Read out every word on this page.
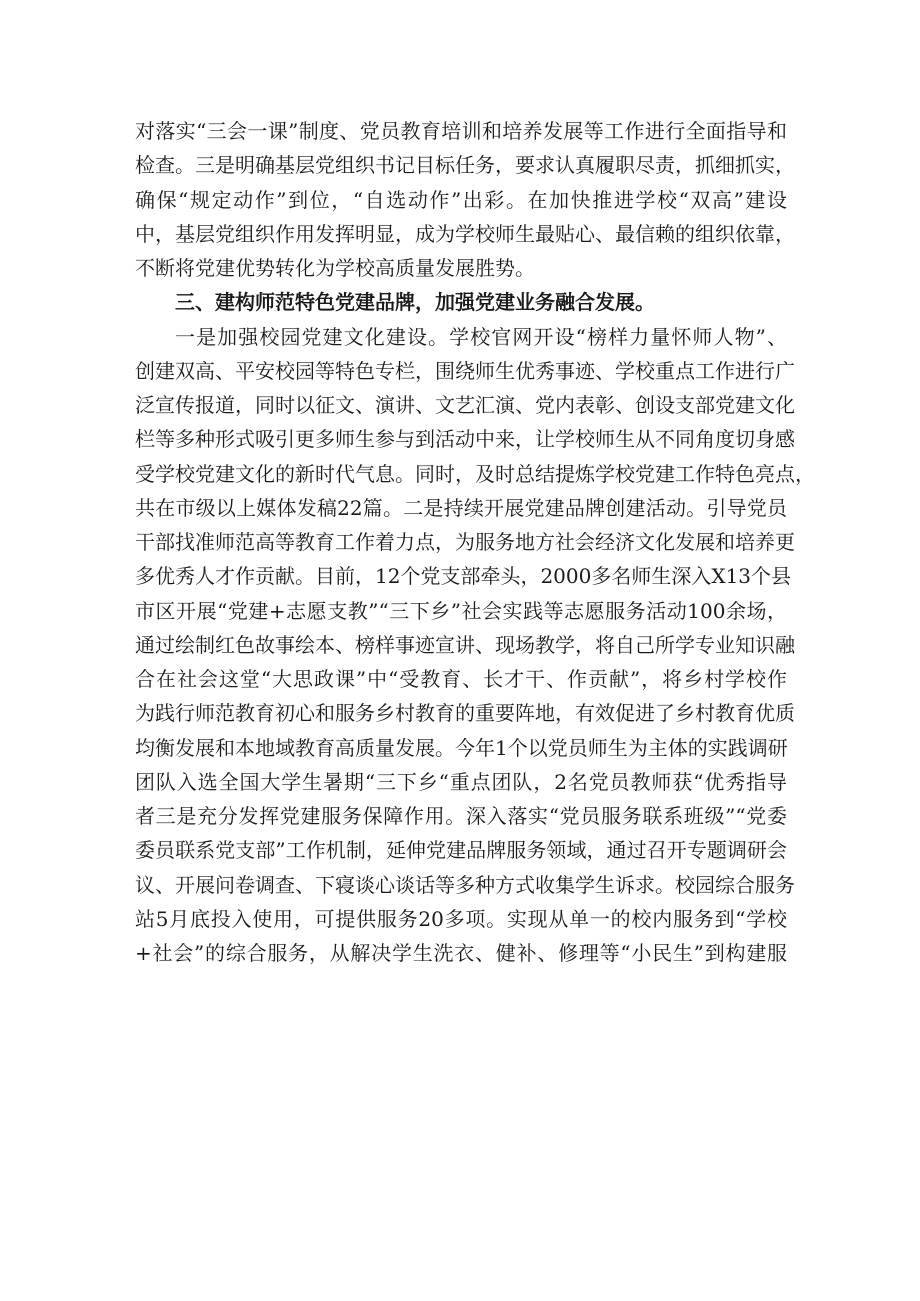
对落实“三会一课”制度、党员教育培训和培养发展等工作进行全面指导和
检查。三是明确基层党组织书记目标任务，要求认真履职尽责，抓细抓实，
确保“规定动作”到位，“自选动作”出彩。在加快推进学校“双高”建设
中，基层党组织作用发挥明显，成为学校师生最贴心、最信赖的组织依靠，
不断将党建优势转化为学校高质量发展胜势。
三、建构师范特色党建品牌，加强党建业务融合发展。
一是加强校园党建文化建设。学校官网开设“榜样力量怀师人物”、
创建双高、平安校园等特色专栏，围绕师生优秀事迹、学校重点工作进行广
泛宣传报道，同时以征文、演讲、文艺汇演、党内表彰、创设支部党建文化
栏等多种形式吸引更多师生参与到活动中来，让学校师生从不同角度切身感
受学校党建文化的新时代气息。同时，及时总结提炼学校党建工作特色亮点，
共在市级以上媒体发稿22篇。二是持续开展党建品牌创建活动。引导党员
干部找准师范高等教育工作着力点，为服务地方社会经济文化发展和培养更
多优秀人才作贡献。目前，12个党支部牵头，2000多名师生深入X13个县
市区开展“党建+志愿支教”“三下乡”社会实践等志愿服务活动100余场，
通过绘制红色故事绘本、榜样事迹宣讲、现场教学，将自己所学专业知识融
合在社会这堂“大思政课”中“受教育、长才干、作贡献”，将乡村学校作
为践行师范教育初心和服务乡村教育的重要阵地，有效促进了乡村教育优质
均衡发展和本地域教育高质量发展。今年1个以党员师生为主体的实践调研
团队入选全国大学生暑期“三下乡“重点团队，2名党员教师获“优秀指导
者三是充分发挥党建服务保障作用。深入落实“党员服务联系班级”“党委
委员联系党支部”工作机制，延伸党建品牌服务领域，通过召开专题调研会
议、开展问卷调查、下寝谈心谈话等多种方式收集学生诉求。校园综合服务
站5月底投入使用，可提供服务20多项。实现从单一的校内服务到“学校
+社会”的综合服务，从解决学生洗衣、健补、修理等“小民生”到构建服
